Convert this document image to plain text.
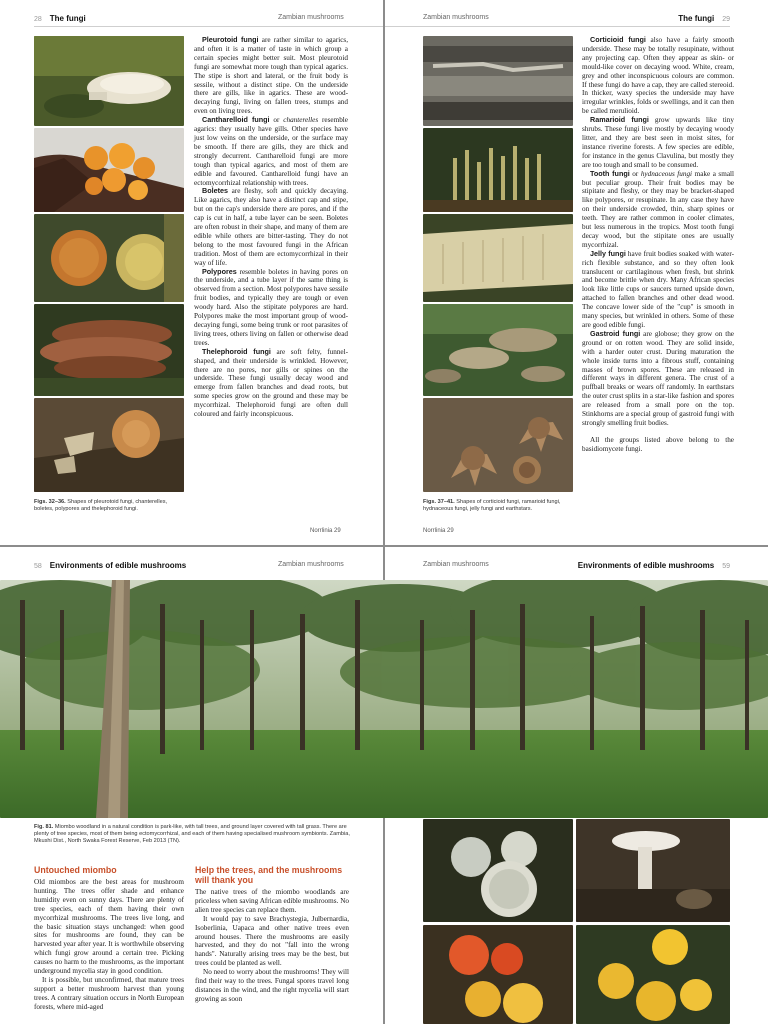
28 The fungi	Zambian mushrooms
Figs. 32–36. Shapes of pleurotoid fungi, chanterelles, boletes, polypores and thelephoroid fungi.

Pleurotoid fungi are rather similar to agarics, and often it is a matter of taste in which group a certain species might better suit. Most pleurotoid fungi are somewhat more tough than typical agarics. The stipe is short and lateral, or the fruit body is sessile, without a distinct stipe. On the underside there are gills, like in agarics. These are wood-decaying fungi, living on fallen trees, stumps and even on living trees.

Cantharelloid fungi or chanterelles resemble agarics: they usually have gills. Other species have just low veins on the underside, or the surface may be smooth. If there are gills, they are thick and strongly decurrent. Cantharelloid fungi are more tough than typical agarics, and most of them are edible and favoured. Cantharelloid fungi have an ectomycorrhizal relationship with trees.

Boletes are fleshy, soft and quickly decaying. Like agarics, they also have a distinct cap and stipe, but on the cap's underside there are pores, and if the cap is cut in half, a tube layer can be seen. Boletes are often robust in their shape, and many of them are edible while others are bitter-tasting. They do not belong to the most favoured fungi in the African tradition. Most of them are ectomycorrhizal in their way of life.

Polypores resemble boletes in having pores on the underside, and a tube layer if the same thing is observed from a section. Most polypores have sessile fruit bodies, and typically they are tough or even woody hard. Also the stipitate polypores are hard. Polypores make the most important group of wood-decaying fungi, some being trunk or root parasites of living trees, others living on fallen or otherwise dead trees.

Thelephoroid fungi are soft felty, funnel-shaped, and their underside is wrinkled. However, there are no pores, nor gills or spines on the underside. These fungi usually decay wood and emerge from fallen branches and dead roots, but some species grow on the ground and these may be mycorrhizal. Thelephoroid fungi are often dull coloured and fairly inconspicuous.

Norrlinia 29
Zambian mushrooms	The fungi 29
Figs. 37–41. Shapes of corticioid fungi, ramarioid fungi, hydnaceous fungi, jelly fungi and earthstars.

Corticioid fungi also have a fairly smooth underside. These may be totally resupinate, without any projecting cap. Often they appear as skin- or mould-like cover on decaying wood. White, cream, grey and other inconspicuous colours are common. If these fungi do have a cap, they are called stereoid. In thicker, waxy species the underside may have irregular wrinkles, folds or swellings, and it can then be called merulioid.

Ramarioid fungi grow upwards like tiny shrubs. These fungi live mostly by decaying woody litter, and they are best seen in moist sites, for instance riverine forests. A few species are edible, for instance in the genus Clavulina, but mostly they are too tough and small to be consumed.

Tooth fungi or hydnaceous fungi make a small but peculiar group. Their fruit bodies may be stipitate and fleshy, or they may be bracket-shaped like polypores, or resupinate. In any case they have on their underside crowded, thin, sharp spines or teeth. They are rather common in cooler climates, but less numerous in the tropics. Most tooth fungi decay wood, but the stipitate ones are usually mycorrhizal.

Jelly fungi have fruit bodies soaked with water-rich flexible substance, and so they often look translucent or cartilaginous when fresh, but shrink and become brittle when dry. Many African species look like little cups or saucers turned upside down, attached to fallen branches and other dead wood. The concave lower side of the "cup" is smooth in many species, but wrinkled in others. Some of these are good edible fungi.

Gastroid fungi are globose; they grow on the ground or on rotten wood. They are solid inside, with a harder outer crust. During maturation the whole inside turns into a fibrous stuff, containing masses of brown spores. These are released in different ways in different genera. The crust of a puffball breaks or wears off randomly. In earthstars the outer crust splits in a star-like fashion and spores are released from a small pore on the top. Stinkhorns are a special group of gastroid fungi with strongly smelling fruit bodies.

All the groups listed above belong to the basidiomycete fungi.

Norrlinia 29
58 Environments of edible mushrooms	Zambian mushrooms
Fig. 81. Miombo woodland in a natural condition is park-like, with tall trees, and ground layer covered with tall grass. There are plenty of tree species, most of them being ectomycorrhizal, and each of them having specialised mushroom symbionts. Zambia, Mkushi Dist., North Swaka Forest Reserve, Feb 2013 (TN).
Untouched miombo

Old miombos are the best areas for mushroom hunting. The trees offer shade and enhance humidity even on sunny days. There are plenty of tree species, each of them having their own mycorrhizal mushrooms. The trees live long, and the basic situation stays unchanged: when good sites for mushrooms are found, they can be harvested year after year. It is worthwhile observing which fungi grow around a certain tree. Picking causes no harm to the mushrooms, as the important underground mycelia stay in good condition.

It is possible, but unconfirmed, that mature trees support a better mushroom harvest than young trees. A contrary situation occurs in North European forests, where mid-aged

Help the trees, and the mushrooms will thank you

The native trees of the miombo woodlands are priceless when saving African edible mushrooms. No alien tree species can replace them.

It would pay to save Brachystegia, Julbernardia, Isoberlinia, Uapaca and other native trees even around houses. There the mushrooms are easily harvested, and they do not "fall into the wrong hands". Naturally arising trees may be the best, but trees could be planted as well.

No need to worry about the mushrooms! They will find their way to the trees. Fungal spores travel long distances in the wind, and the right mycelia will start growing as soon

Zambian mushrooms	Environments of edible mushrooms 59
